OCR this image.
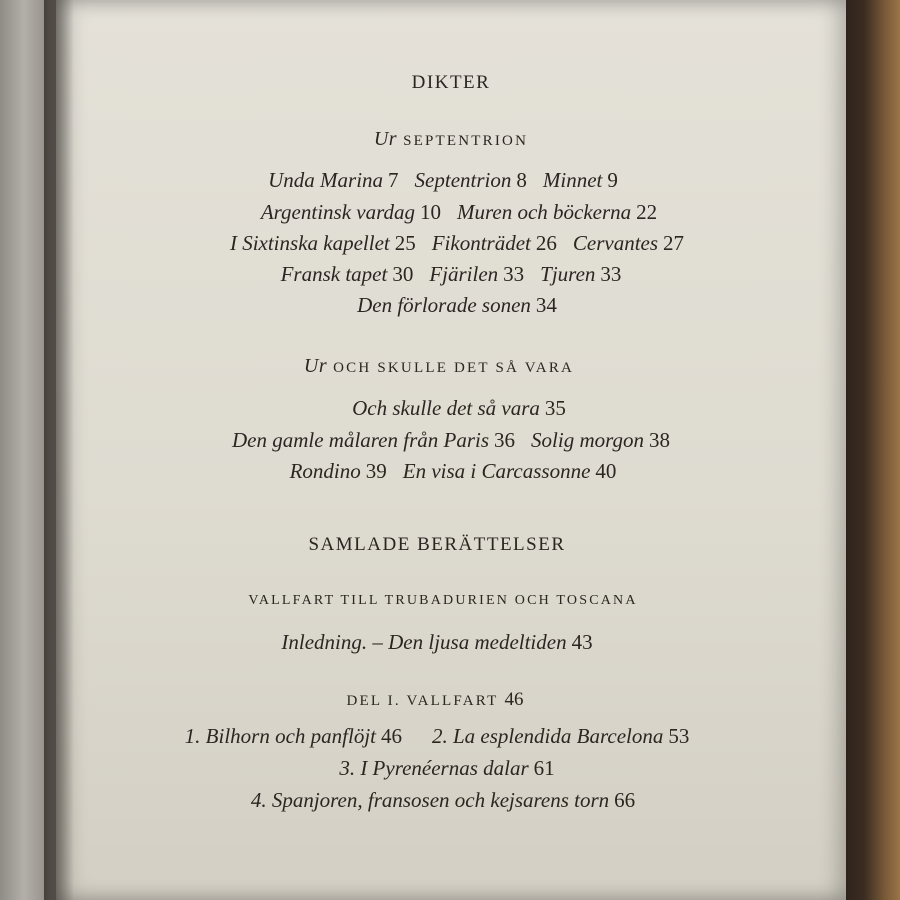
DIKTER
Ur SEPTENTRION
Unda Marina 7 Septentrion 8 Minnet 9
Argentinsk vardag 10 Muren och böckerna 22
I Sixtinska kapellet 25 Fikonträdet 26 Cervantes 27
Fransk tapet 30 Fjärilen 33 Tjuren 33
Den förlorade sonen 34
Ur OCH SKULLE DET SÅ VARA
Och skulle det så vara 35
Den gamle målaren från Paris 36 Solig morgon 38
Rondino 39 En visa i Carcassonne 40
SAMLADE BERÄTTELSER
VALLFART TILL TRUBADURIEN OCH TOSCANA
Inledning. – Den ljusa medeltiden 43
DEL I. VALLFART 46
1. Bilhorn och panflöjt 46 2. La esplendida Barcelona 53
3. I Pyrenéernas dalar 61
4. Spanjoren, fransosen och kejsarens torn 66
